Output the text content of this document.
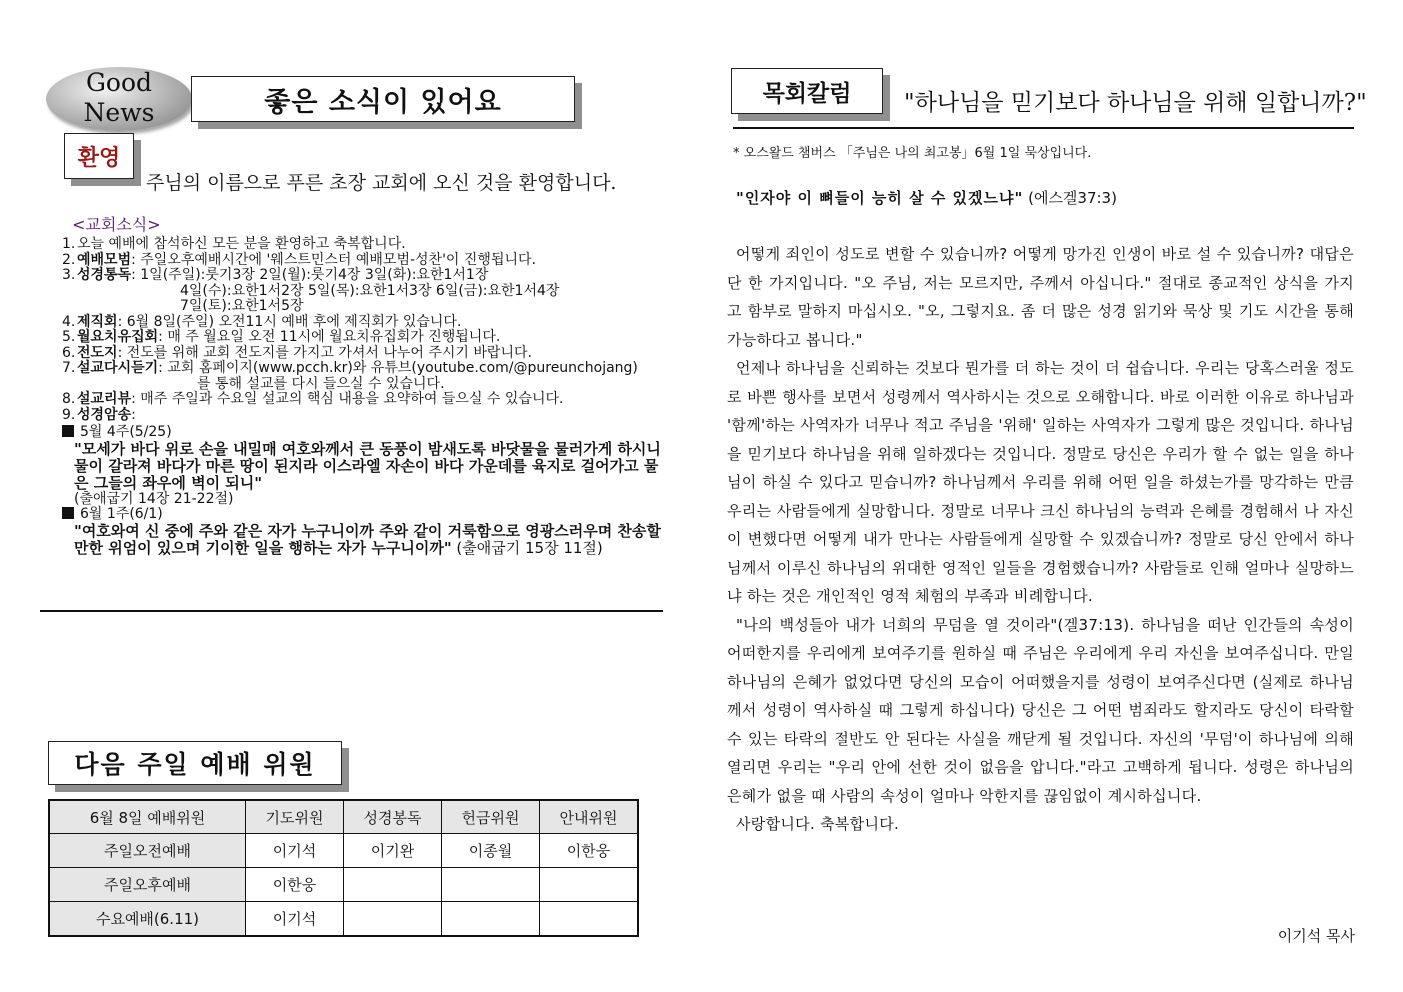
Good
News	좋은 소식이 있어요
환영
주님의 이름으로 푸른 초장 교회에 오신 것을 환영합니다.
<교회소식>
1. 오늘 예배에 참석하신 모든 분을 환영하고 축복합니다.
2. 예배모범 : 주일오후예배시간에 '웨스트민스터 예배모범-성찬'이 진행됩니다.
3. 성경통독 : 1일(주일):룻기3장 2일(월):룻기4장 3일(화):요한1서1장
4일(수):요한1서2장 5일(목):요한1서3장 6일(금):요한1서4장
7일(토):요한1서5장
4. 제직회 : 6월 8일(주일) 오전11시 예배 후에 제직회가 있습니다.
5. 월요치유집회 : 매 주 월요일 오전 11시에 월요치유집회가 진행됩니다.
6. 전도지 : 전도를 위해 교회 전도지를 가지고 가셔서 나누어 주시기 바랍니다.
7. 설교다시듣기 : 교회 홈페이지(www.pcch.kr)와 유튜브(youtube.com/@pureunchojang)
를 통해 설교를 다시 들으실 수 있습니다.
8. 설교리뷰 : 매주 주일과 수요일 설교의 핵심 내용을 요약하여 들으실 수 있습니다.
9. 성경암송 :
5월 4주(5/25)
"모세가 바다 위로 손을 내밀매 여호와께서 큰 동풍이 밤새도록 바닷물을 물러가게 하시니 물이 갈라져 바다가 마른 땅이 된지라 이스라엘 자손이 바다 가운데를 육지로 걸어가고 물은 그들의 좌우에 벽이 되니"
(출애굽기 14장 21-22절)
6월 1주(6/1)
"여호와여 신 중에 주와 같은 자가 누구니이까 주와 같이 거룩함으로 영광스러우며 찬송할 만한 위엄이 있으며 기이한 일을 행하는 자가 누구니이까" (출애굽기 15장 11절)
다음 주일 예배 위원
6월 8일 예배위원	기도위원	성경봉독	헌금위원	안내위원
주일오전예배	이기석	이기완	이종월	이한웅
주일오후예배	이한웅			
수요예배(6.11)	이기석			
목회칼럼	"하나님을 믿기보다 하나님을 위해 일합니까?"
* 오스왈드 챔버스 「주님은 나의 최고봉」6월 1일 묵상입니다.
"인자야 이 뼈들이 능히 살 수 있겠느냐" (에스겔37:3)

어떻게 죄인이 성도로 변할 수 있습니까? 어떻게 망가진 인생이 바로 설 수 있습니까? 대답은 단 한 가지입니다. "오 주님, 저는 모르지만, 주께서 아십니다." 절대로 종교적인 상식을 가지고 함부로 말하지 마십시오. "오, 그렇지요. 좀 더 많은 성경 읽기와 묵상 및 기도 시간을 통해 가능하다고 봅니다."

언제나 하나님을 신뢰하는 것보다 뭔가를 더 하는 것이 더 쉽습니다. 우리는 당혹스러울 정도로 바쁜 행사를 보면서 성령께서 역사하시는 것으로 오해합니다. 바로 이러한 이유로 하나님과 '함께'하는 사역자가 너무나 적고 주님을 '위해' 일하는 사역자가 그렇게 많은 것입니다. 하나님을 믿기보다 하나님을 위해 일하겠다는 것입니다. 정말로 당신은 우리가 할 수 없는 일을 하나님이 하실 수 있다고 믿습니까? 하나님께서 우리를 위해 어떤 일을 하셨는가를 망각하는 만큼 우리는 사람들에게 실망합니다. 정말로 너무나 크신 하나님의 능력과 은혜를 경험해서 나 자신이 변했다면 어떻게 내가 만나는 사람들에게 실망할 수 있겠습니까? 정말로 당신 안에서 하나님께서 이루신 하나님의 위대한 영적인 일들을 경험했습니까? 사람들로 인해 얼마나 실망하느냐 하는 것은 개인적인 영적 체험의 부족과 비례합니다.

"나의 백성들아 내가 너희의 무덤을 열 것이라"(겔37:13). 하나님을 떠난 인간들의 속성이 어떠한지를 우리에게 보여주기를 원하실 때 주님은 우리에게 우리 자신을 보여주십니다. 만일 하나님의 은혜가 없었다면 당신의 모습이 어떠했을지를 성령이 보여주신다면 (실제로 하나님께서 성령이 역사하실 때 그렇게 하십니다) 당신은 그 어떤 범죄라도 할지라도 당신이 타락할 수 있는 타락의 절반도 안 된다는 사실을 깨닫게 될 것입니다. 자신의 '무덤'이 하나님에 의해 열리면 우리는 "우리 안에 선한 것이 없음을 압니다."라고 고백하게 됩니다. 성령은 하나님의 은혜가 없을 때 사람의 속성이 얼마나 악한지를 끊임없이 계시하십니다.

사랑합니다. 축복합니다.

이기석 목사
